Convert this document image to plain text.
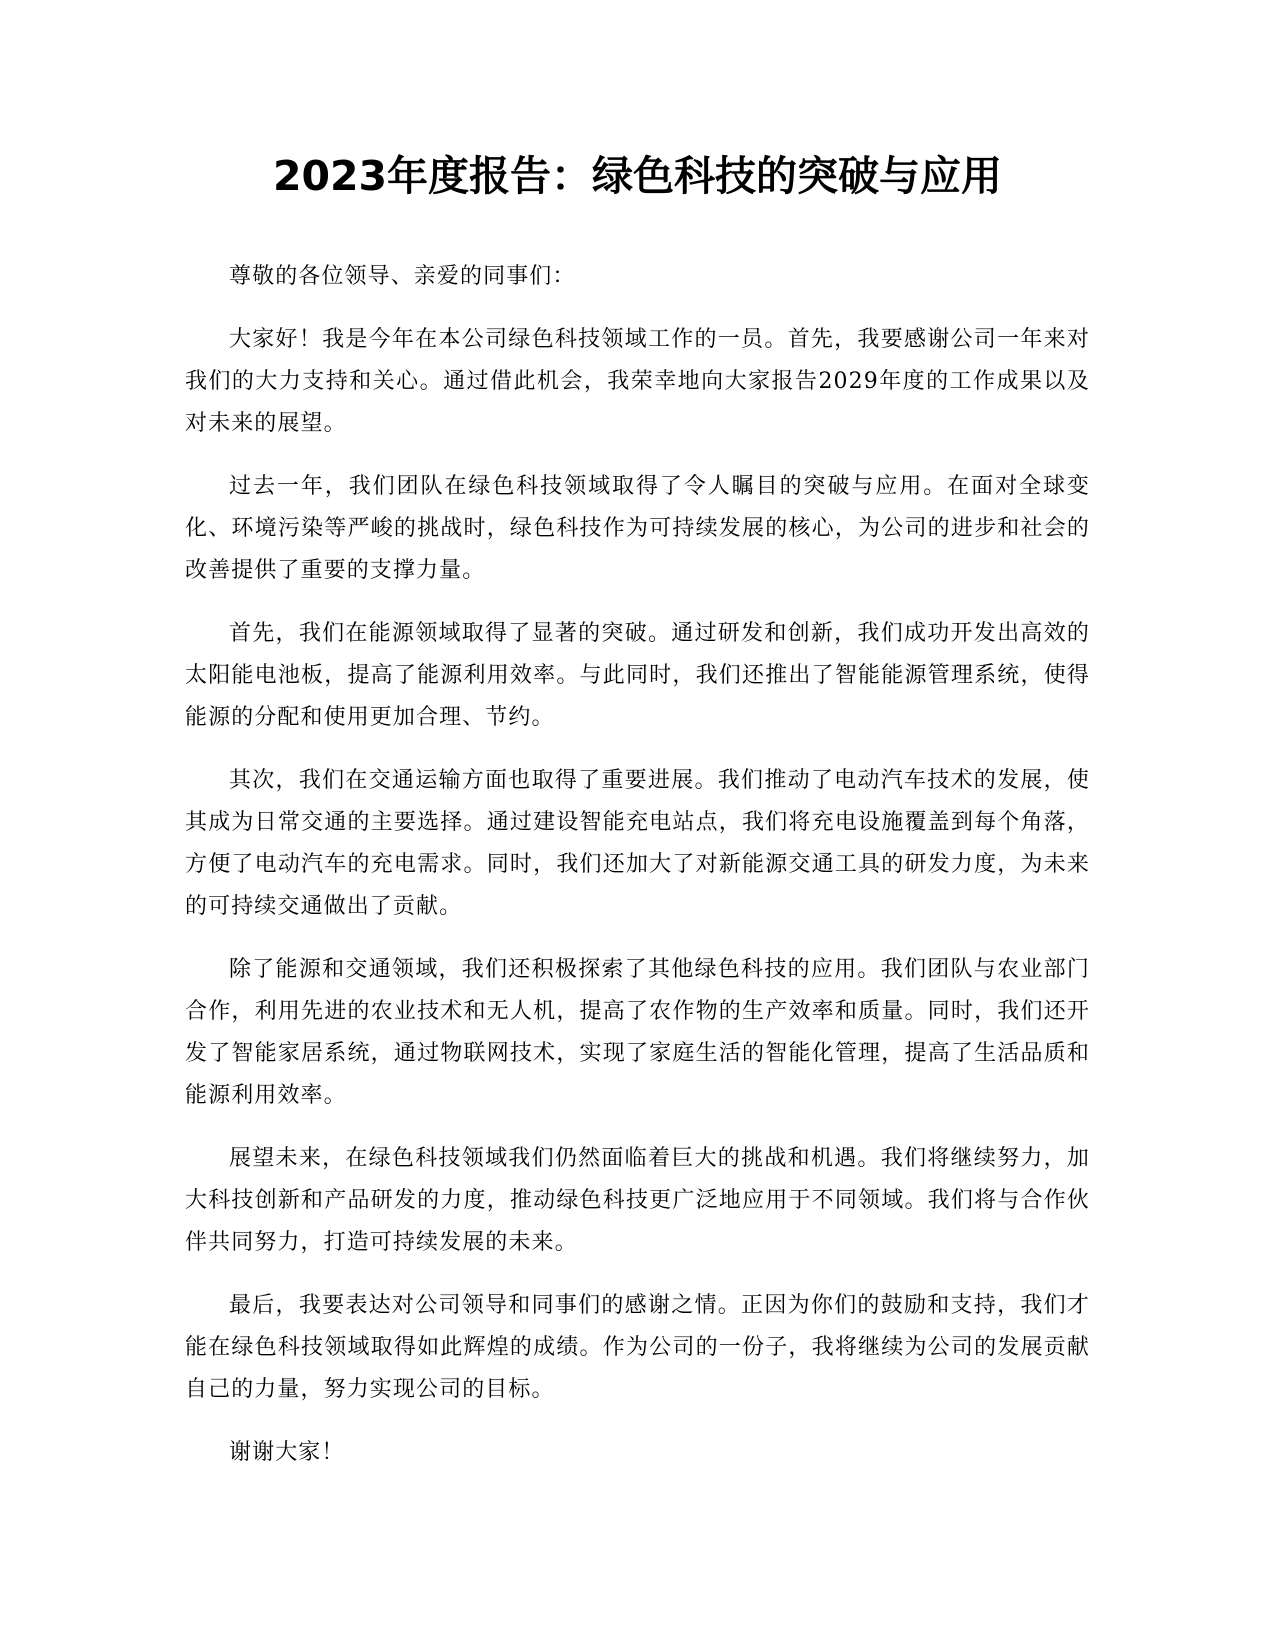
2023年度报告：绿色科技的突破与应用

尊敬的各位领导、亲爱的同事们：

大家好！我是今年在本公司绿色科技领域工作的一员。首先，我要感谢公司一年来对我们的大力支持和关心。通过借此机会，我荣幸地向大家报告2029年度的工作成果以及对未来的展望。

过去一年，我们团队在绿色科技领域取得了令人瞩目的突破与应用。在面对全球变化、环境污染等严峻的挑战时，绿色科技作为可持续发展的核心，为公司的进步和社会的改善提供了重要的支撑力量。

首先，我们在能源领域取得了显著的突破。通过研发和创新，我们成功开发出高效的太阳能电池板，提高了能源利用效率。与此同时，我们还推出了智能能源管理系统，使得能源的分配和使用更加合理、节约。

其次，我们在交通运输方面也取得了重要进展。我们推动了电动汽车技术的发展，使其成为日常交通的主要选择。通过建设智能充电站点，我们将充电设施覆盖到每个角落，方便了电动汽车的充电需求。同时，我们还加大了对新能源交通工具的研发力度，为未来的可持续交通做出了贡献。

除了能源和交通领域，我们还积极探索了其他绿色科技的应用。我们团队与农业部门合作，利用先进的农业技术和无人机，提高了农作物的生产效率和质量。同时，我们还开发了智能家居系统，通过物联网技术，实现了家庭生活的智能化管理，提高了生活品质和能源利用效率。

展望未来，在绿色科技领域我们仍然面临着巨大的挑战和机遇。我们将继续努力，加大科技创新和产品研发的力度，推动绿色科技更广泛地应用于不同领域。我们将与合作伙伴共同努力，打造可持续发展的未来。

最后，我要表达对公司领导和同事们的感谢之情。正因为你们的鼓励和支持，我们才能在绿色科技领域取得如此辉煌的成绩。作为公司的一份子，我将继续为公司的发展贡献自己的力量，努力实现公司的目标。

谢谢大家！
